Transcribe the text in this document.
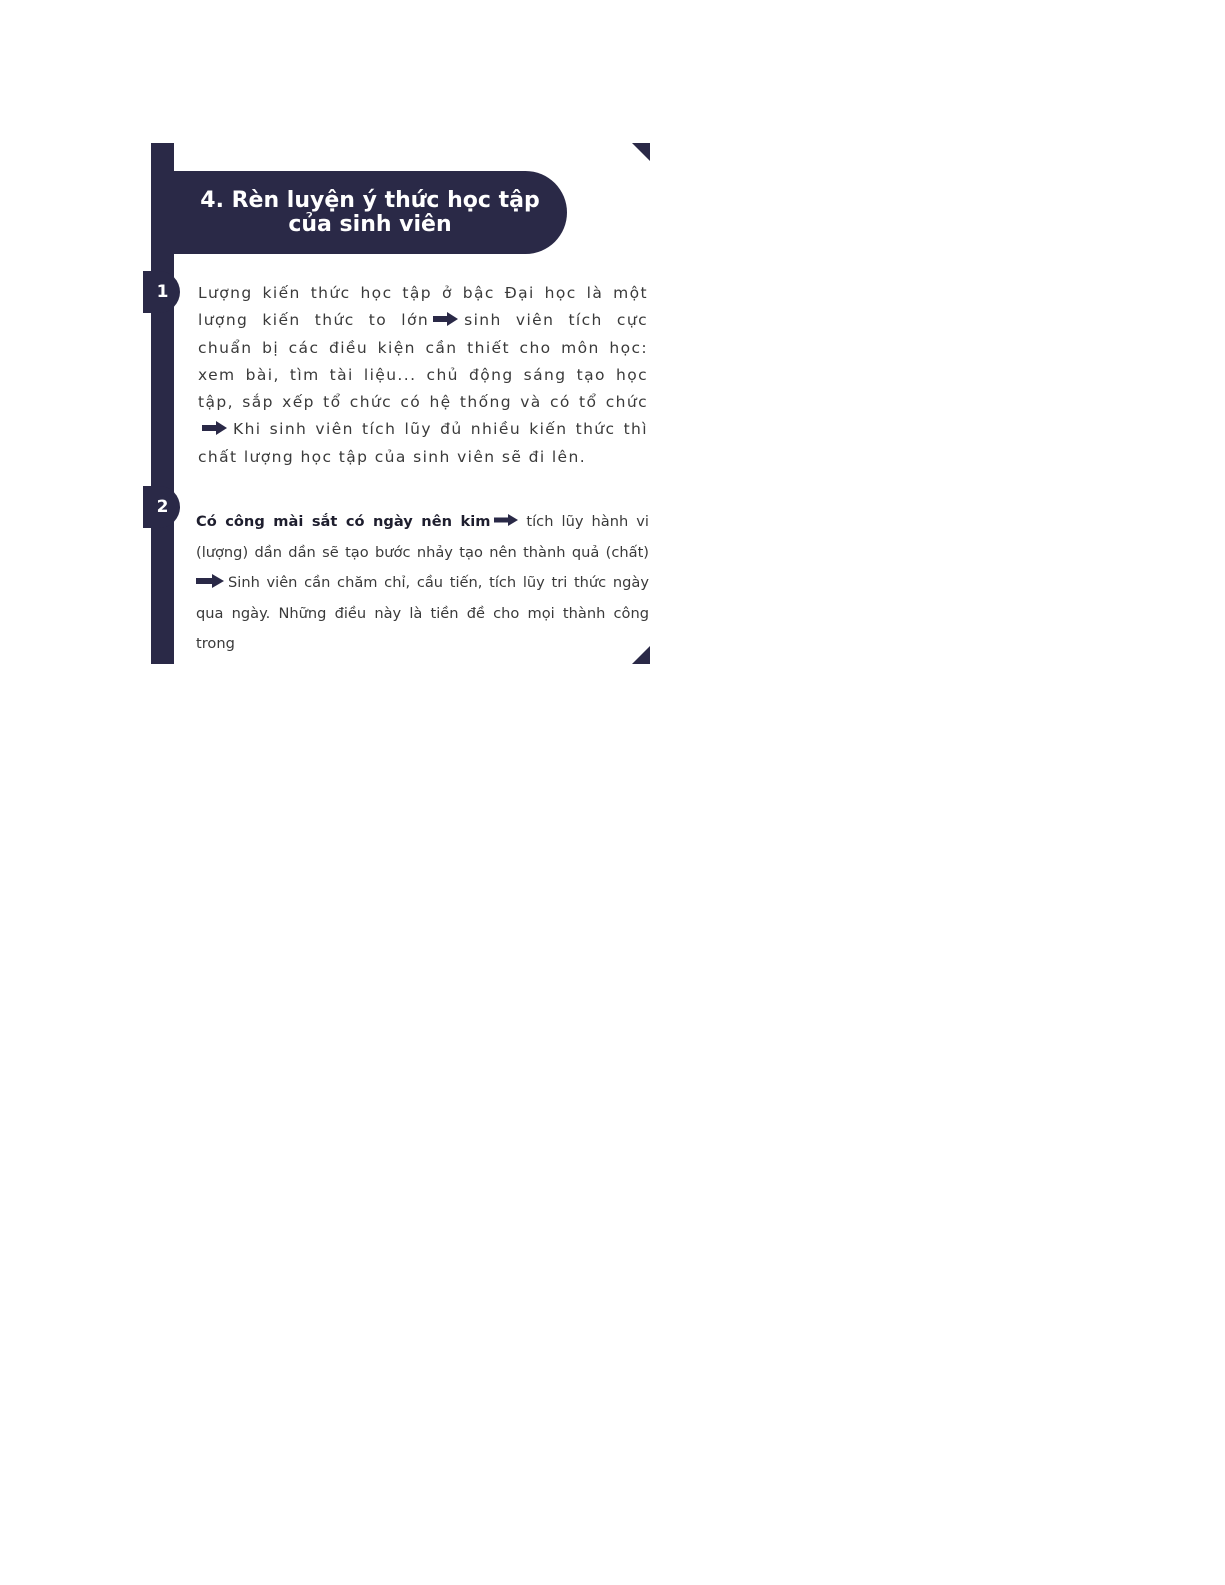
4. Rèn luyện ý thức học tập
của sinh viên
1
2
Lượng kiến thức học tập ở bậc Đại học là một lượng kiến thức to lớn sinh viên tích cực chuẩn bị các điều kiện cần thiết cho môn học: xem bài, tìm tài liệu... chủ động sáng tạo học tập, sắp xếp tổ chức có hệ thống và có tổ chức
Khi sinh viên tích lũy đủ nhiều kiến thức thì chất lượng học tập của sinh viên sẽ đi lên.
Có công mài sắt có ngày nên kim tích lũy hành vi (lượng) dần dần sẽ tạo bước nhảy tạo nên thành quả (chất)
Sinh viên cần chăm chỉ, cầu tiến, tích lũy tri thức ngày qua ngày. Những điều này là tiền đề cho mọi thành công trong
